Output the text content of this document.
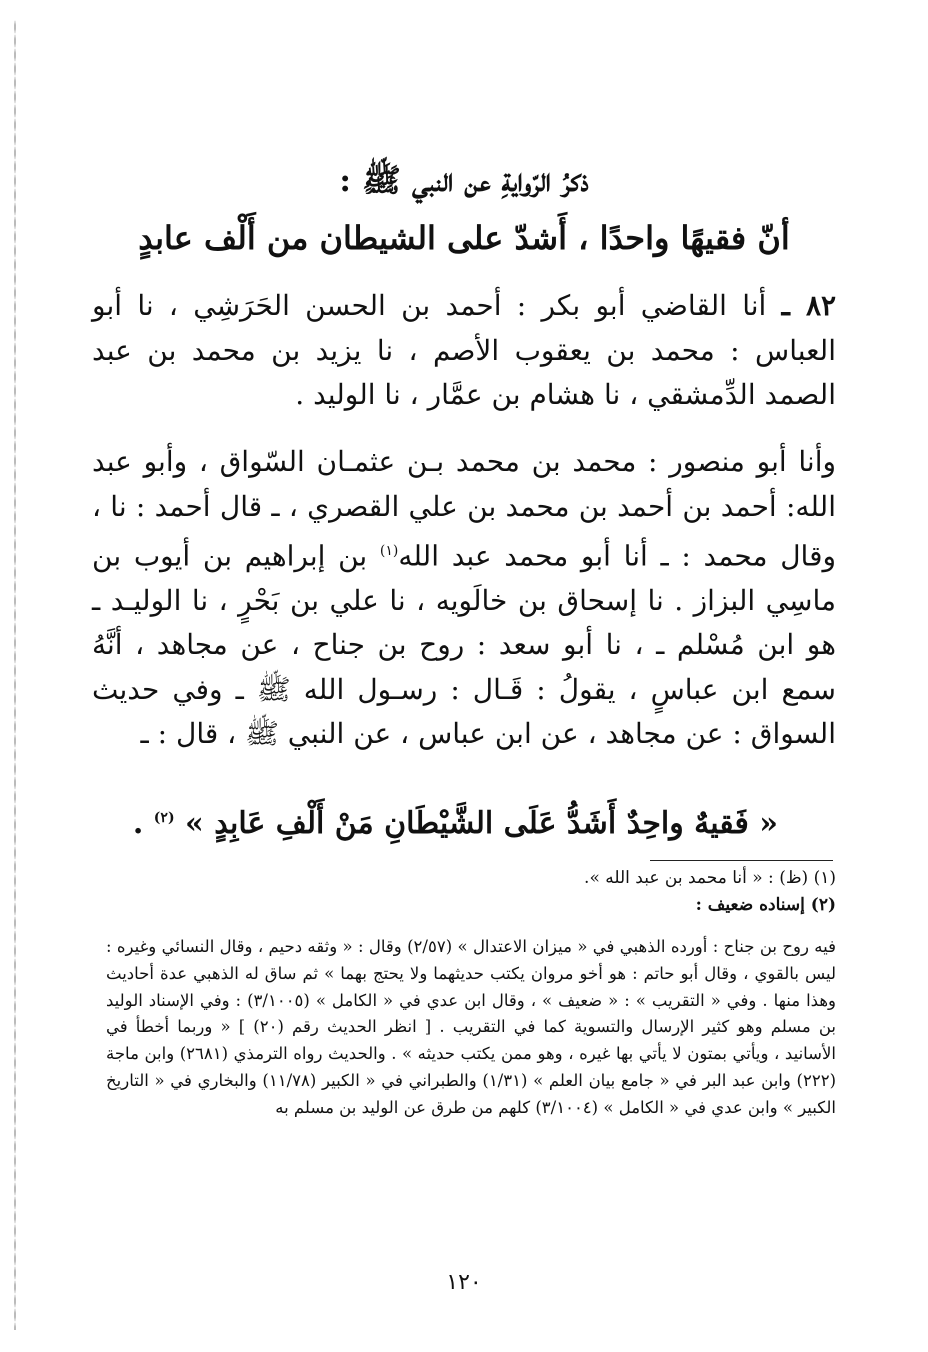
ذكرُ الرّوايةِ عن النبي ﷺ :
أنّ فقيهًا واحدًا ، أَشدّ على الشيطان من أَلْف عابدٍ

٨٢ ـ أنا القاضي أبو بكر : أحمد بن الحسن الحَرَشِي ، نا أبو العباس : محمد بن يعقوب الأصم ، نا يزيد بن محمد بن عبد الصمد الدِّمشقي ، نا هشام بن عمَّار ، نا الوليد .

وأنا أبو منصور : محمد بن محمد بـن عثمـان السّواق ، وأبو عبد الله: أحمد بن أحمد بن محمد بن علي القصري ، ـ قال أحمد : نا ، وقال محمد : ـ أنا أبو محمد عبد الله$^{(١)}$ بن إبراهيم بن أيوب بن ماسِي البزاز . نا إسحاق بن خالَويه ، نا علي بن بَحْرٍ ، نا الوليـد ـ هو ابن مُسْلم ـ ، نا أبو سعد : روح بن جناح ، عن مجاهد ، أنَّهُ سمع ابن عباسٍ ، يقولُ : قَـال : رسـول الله ﷺ ـ وفي حديث السواق : عن مجاهد ، عن ابن عباس ، عن النبي ﷺ ، قال : ـ

« فَقيهٌ واحِدٌ أَشَدُّ عَلَى الشَّيْطَانِ مَنْ أَلْفِ عَابِدٍ » $^{(٢)}$ .
(١) (ظ) : « أنا محمد بن عبد الله ».
(٢) إسناده ضعيف :
فيه روح بن جناح : أورده الذهبي في « ميزان الاعتدال » (٢/٥٧) وقال : « وثقه دحيم ، وقال النسائي وغيره : ليس بالقوي ، وقال أبو حاتم : هو أخو مروان يكتب حديثهما ولا يحتج بهما » ثم ساق له الذهبي عدة أحاديث وهذا منها . وفي « التقريب » : « ضعيف » ، وقال ابن عدي في « الكامل » (٣/١٠٠٥) : وفي الإسناد الوليد بن مسلم وهو كثير الإرسال والتسوية كما في التقريب . [ انظر الحديث رقم (٢٠) ] « وربما أخطأ في الأسانيد ، ويأتي بمتون لا يأتي بها غيره ، وهو ممن يكتب حديثه » . والحديث رواه الترمذي (٢٦٨١) وابن ماجة (٢٢٢) وابن عبد البر في « جامع بيان العلم » (١/٣١) والطبراني في « الكبير (١١/٧٨) والبخاري في « التاريخ الكبير » وابن عدي في « الكامل » (٣/١٠٠٤) كلهم من طرق عن الوليد بن مسلم به
١٢٠
